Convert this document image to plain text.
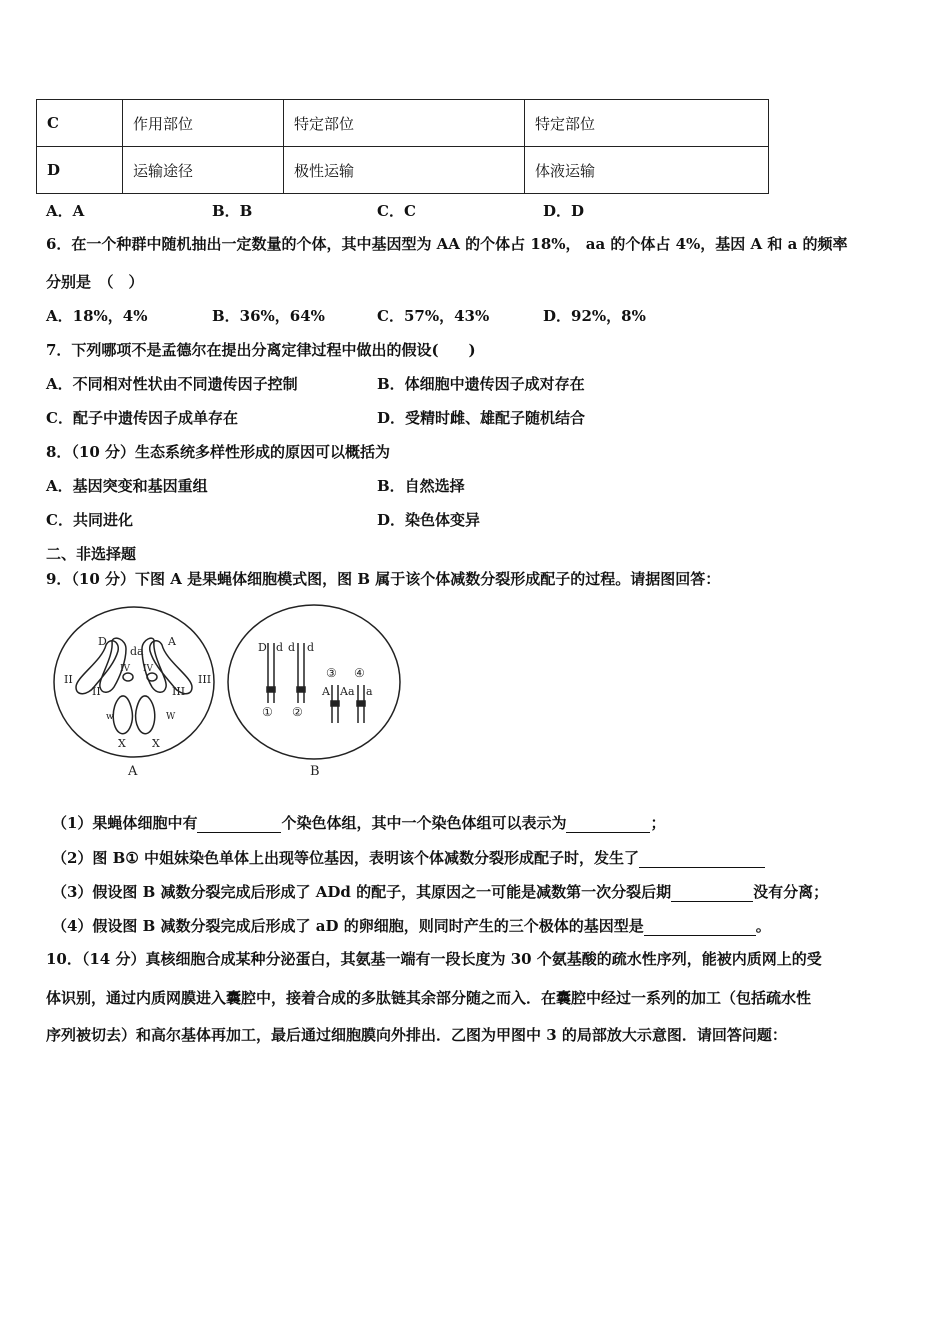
C	作用部位	特定部位	特定部位
D	运输途径	极性运输	体液运输
A．A	B．B	C．C	D．D
6．在一个种群中随机抽出一定数量的个体，其中基因型为 AA 的个体占 18%， aa 的个体占 4%，基因 A 和 a 的频率
分别是　（　）
A．18%，4%	B．36%，64%	C．57%，43%	D．92%，8%
7．下列哪项不是孟德尔在提出分离定律过程中做出的假设(　　)
A．不同相对性状由不同遗传因子控制	B．体细胞中遗传因子成对存在
C．配子中遗传因子成单存在	D．受精时雌、雄配子随机结合
8．（10 分）生态系统多样性形成的原因可以概括为
A．基因突变和基因重组	B．自然选择
C．共同进化	D．染色体变异
二、非选择题
9．（10 分）下图 A 是果蝇体细胞模式图，图 B 属于该个体减数分裂形成配子的过程。请据图回答：
D
d a
A
II
II
IV IV
III
III
w	W
X X
A
D d d d
③ ④
A A a a
① ②
B
（1）果蝇体细胞中有	个染色体组，其中一个染色体组可以表示为	；
（2）图 B① 中姐妹染色单体上出现等位基因，表明该个体减数分裂形成配子时，发生了
（3）假设图 B 减数分裂完成后形成了 ADd 的配子，其原因之一可能是减数第一次分裂后期	没有分离；
（4）假设图 B 减数分裂完成后形成了 aD 的卵细胞，则同时产生的三个极体的基因型是	。
10．（14 分）真核细胞合成某种分泌蛋白，其氨基一端有一段长度为 30 个氨基酸的疏水性序列，能被内质网上的受
体识别，通过内质网膜进入囊腔中，接着合成的多肽链其余部分随之而入．在囊腔中经过一系列的加工（包括疏水性
序列被切去）和高尔基体再加工，最后通过细胞膜向外排出．乙图为甲图中 3 的局部放大示意图．请回答问题：
